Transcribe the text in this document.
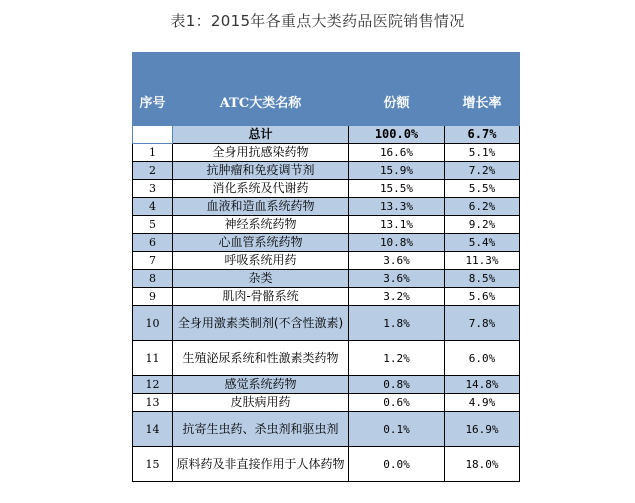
表1：2015年各重点大类药品医院销售情况
序号	ATC大类名称	份额	增长率
	总计	100.0%	6.7%
1	全身用抗感染药物	16.6%	5.1%
2	抗肿瘤和免疫调节剂	15.9%	7.2%
3	消化系统及代谢药	15.5%	5.5%
4	血液和造血系统药物	13.3%	6.2%
5	神经系统药物	13.1%	9.2%
6	心血管系统药物	10.8%	5.4%
7	呼吸系统用药	3.6%	11.3%
8	杂类	3.6%	8.5%
9	肌肉-骨骼系统	3.2%	5.6%
10	全身用激素类制剂(不含性激素)	1.8%	7.8%
11	生殖泌尿系统和性激素类药物	1.2%	6.0%
12	感觉系统药物	0.8%	14.8%
13	皮肤病用药	0.6%	4.9%
14	抗寄生虫药、杀虫剂和驱虫剂	0.1%	16.9%
15	原料药及非直接作用于人体药物	0.0%	18.0%
